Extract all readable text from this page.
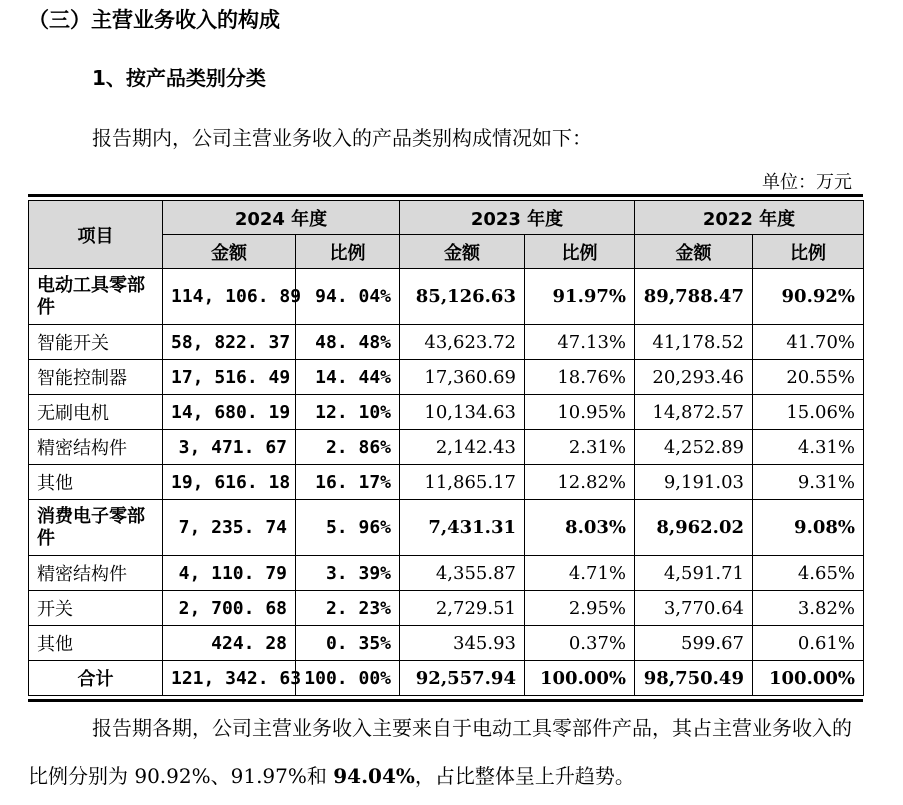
（三）主营业务收入的构成
1、按产品类别分类
报告期内，公司主营业务收入的产品类别构成情况如下：
单位：万元
项目	2024 年度		2023 年度		2022 年度	
	金额	比例	金额	比例	金额	比例
电动工具零部件	114, 106. 89	94. 04%	85,126.63	91.97%	89,788.47	90.92%
智能开关	58, 822. 37	48. 48%	43,623.72	47.13%	41,178.52	41.70%
智能控制器	17, 516. 49	14. 44%	17,360.69	18.76%	20,293.46	20.55%
无刷电机	14, 680. 19	12. 10%	10,134.63	10.95%	14,872.57	15.06%
精密结构件	3, 471. 67	2. 86%	2,142.43	2.31%	4,252.89	4.31%
其他	19, 616. 18	16. 17%	11,865.17	12.82%	9,191.03	9.31%
消费电子零部件	7, 235. 74	5. 96%	7,431.31	8.03%	8,962.02	9.08%
精密结构件	4, 110. 79	3. 39%	4,355.87	4.71%	4,591.71	4.65%
开关	2, 700. 68	2. 23%	2,729.51	2.95%	3,770.64	3.82%
其他	424. 28	0. 35%	345.93	0.37%	599.67	0.61%
合计	121, 342. 63	100. 00%	92,557.94	100.00%	98,750.49	100.00%
报告期各期，公司主营业务收入主要来自于电动工具零部件产品，其占主营业务收入的比例分别为 90.92%、91.97%和 94.04%，占比整体呈上升趋势。
